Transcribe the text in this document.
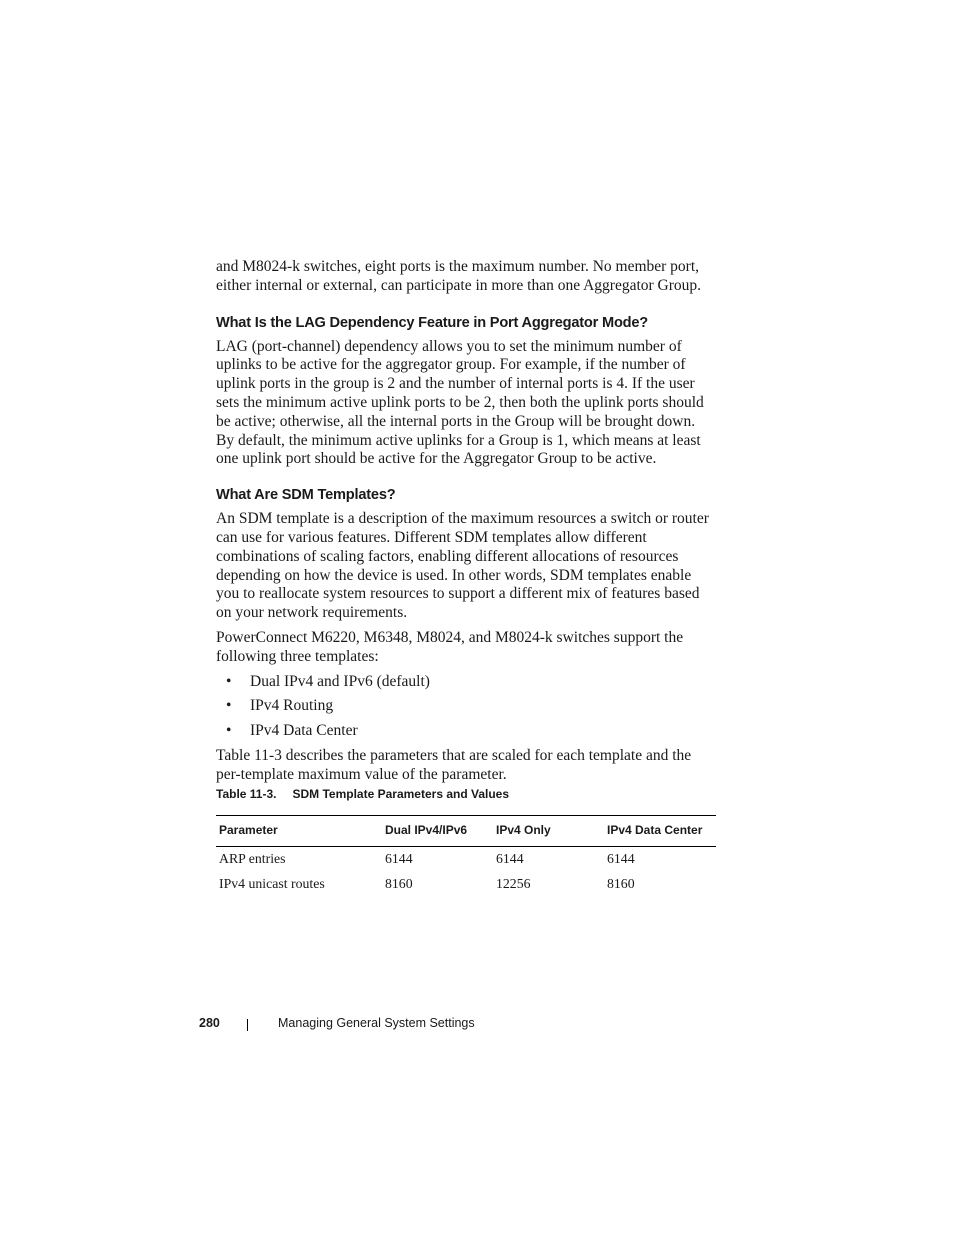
and M8024-k switches, eight ports is the maximum number. No member port, either internal or external, can participate in more than one Aggregator Group.

What Is the LAG Dependency Feature in Port Aggregator Mode?

LAG (port-channel) dependency allows you to set the minimum number of uplinks to be active for the aggregator group. For example, if the number of uplink ports in the group is 2 and the number of internal ports is 4. If the user sets the minimum active uplink ports to be 2, then both the uplink ports should be active; otherwise, all the internal ports in the Group will be brought down. By default, the minimum active uplinks for a Group is 1, which means at least one uplink port should be active for the Aggregator Group to be active.

What Are SDM Templates?

An SDM template is a description of the maximum resources a switch or router can use for various features. Different SDM templates allow different combinations of scaling factors, enabling different allocations of resources depending on how the device is used. In other words, SDM templates enable you to reallocate system resources to support a different mix of features based on your network requirements.

PowerConnect M6220, M6348, M8024, and M8024-k switches support the following three templates:

• Dual IPv4 and IPv6 (default)
• IPv4 Routing
• IPv4 Data Center

Table 11-3 describes the parameters that are scaled for each template and the per-template maximum value of the parameter.

Table 11-3. SDM Template Parameters and Values

Parameter	Dual IPv4/IPv6	IPv4 Only	IPv4 Data Center
ARP entries	6144	6144	6144
IPv4 unicast routes	8160	12256	8160
280	Managing General System Settings
